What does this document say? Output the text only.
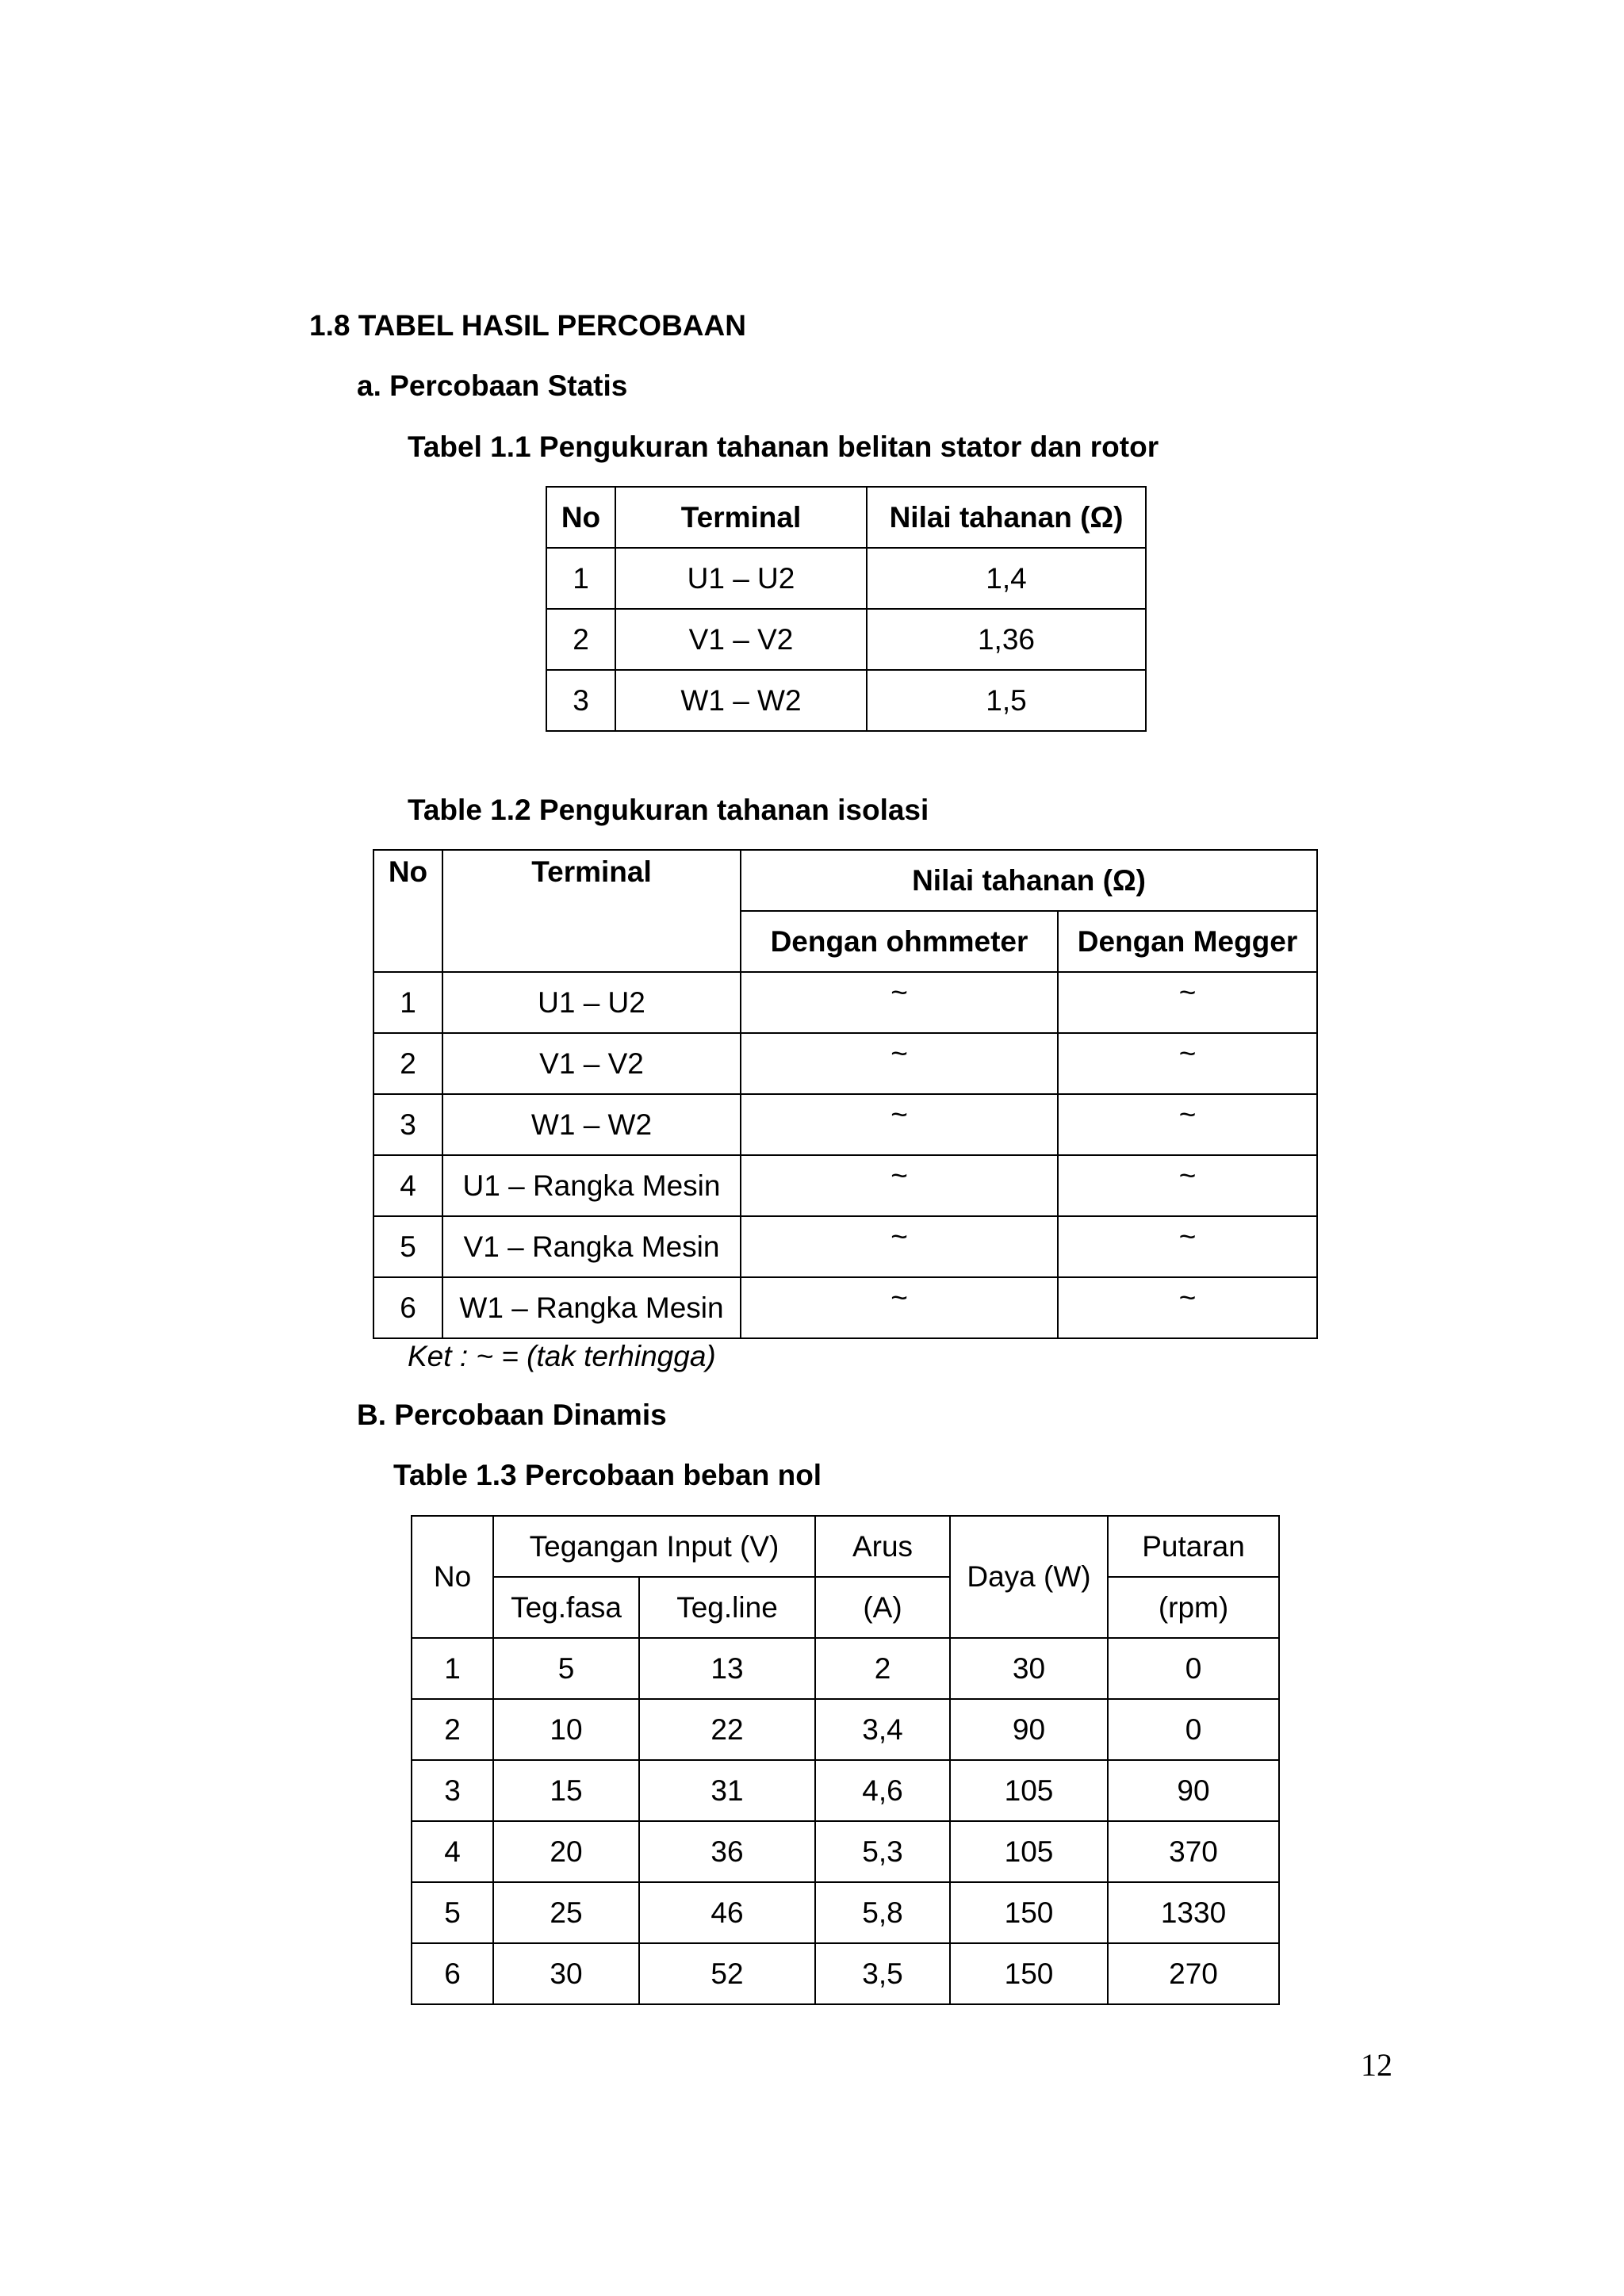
1.8 TABEL HASIL PERCOBAAN
a. Percobaan Statis
Tabel 1.1 Pengukuran tahanan belitan stator dan rotor
No	Terminal	Nilai tahanan (Ω)
1	U1 – U2	1,4
2	V1 – V2	1,36
3	W1 – W2	1,5
Table 1.2 Pengukuran tahanan isolasi
No	Terminal	Nilai tahanan (Ω)	
		Dengan ohmmeter	Dengan Megger
1	U1 – U2	~	~
2	V1 – V2	~	~
3	W1 – W2	~	~
4	U1 – Rangka Mesin	~	~
5	V1 – Rangka Mesin	~	~
6	W1 – Rangka Mesin	~	~
Ket : ~ = (tak terhingga)
B. Percobaan Dinamis
Table 1.3 Percobaan beban nol
No	Tegangan Input (V)		Arus	Daya (W)	Putaran
	Teg.fasa	Teg.line	(A)		(rpm)
1	5	13	2	30	0
2	10	22	3,4	90	0
3	15	31	4,6	105	90
4	20	36	5,3	105	370
5	25	46	5,8	150	1330
6	30	52	3,5	150	270
12
